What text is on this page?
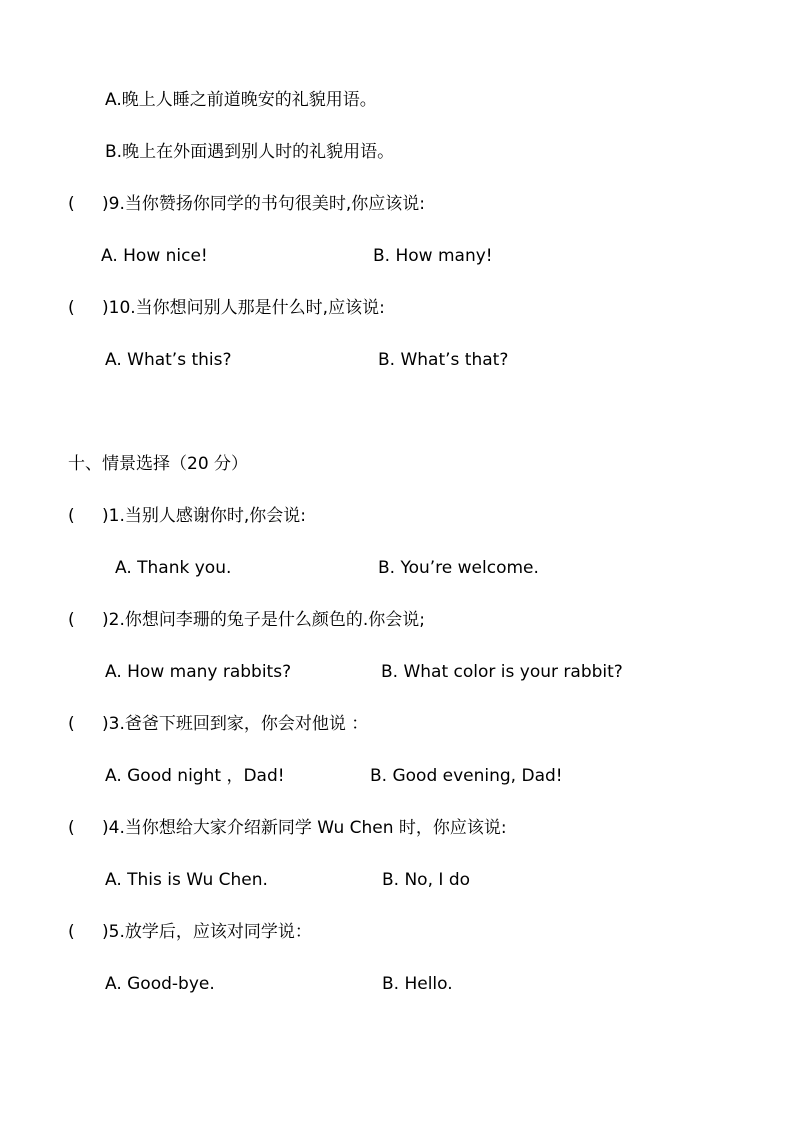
A.晚上人睡之前道晚安的礼貌用语。
B.晚上在外面遇到别人时的礼貌用语。
( )9.当你赞扬你同学的书句很美时,你应该说:
A. How nice!	B. How many!
( )10.当你想问别人那是什么时,应该说:
A. What’s this?	B. What’s that?
十、情景选择（20 分）
( )1.当别人感谢你时,你会说:
A. Thank you.	B. You’re welcome.
( )2.你想问李珊的兔子是什么颜色的.你会说;
A. How many rabbits?	B. What color is your rabbit?
( )3.爸爸下班回到家，你会对他说 ：
A. Good night ，Dad!	B. Good evening, Dad!
( )4.当你想给大家介绍新同学 Wu Chen 时，你应该说:
A. This is Wu Chen.	B. No, I do
( )5.放学后，应该对同学说：
A. Good-bye.	B. Hello.
